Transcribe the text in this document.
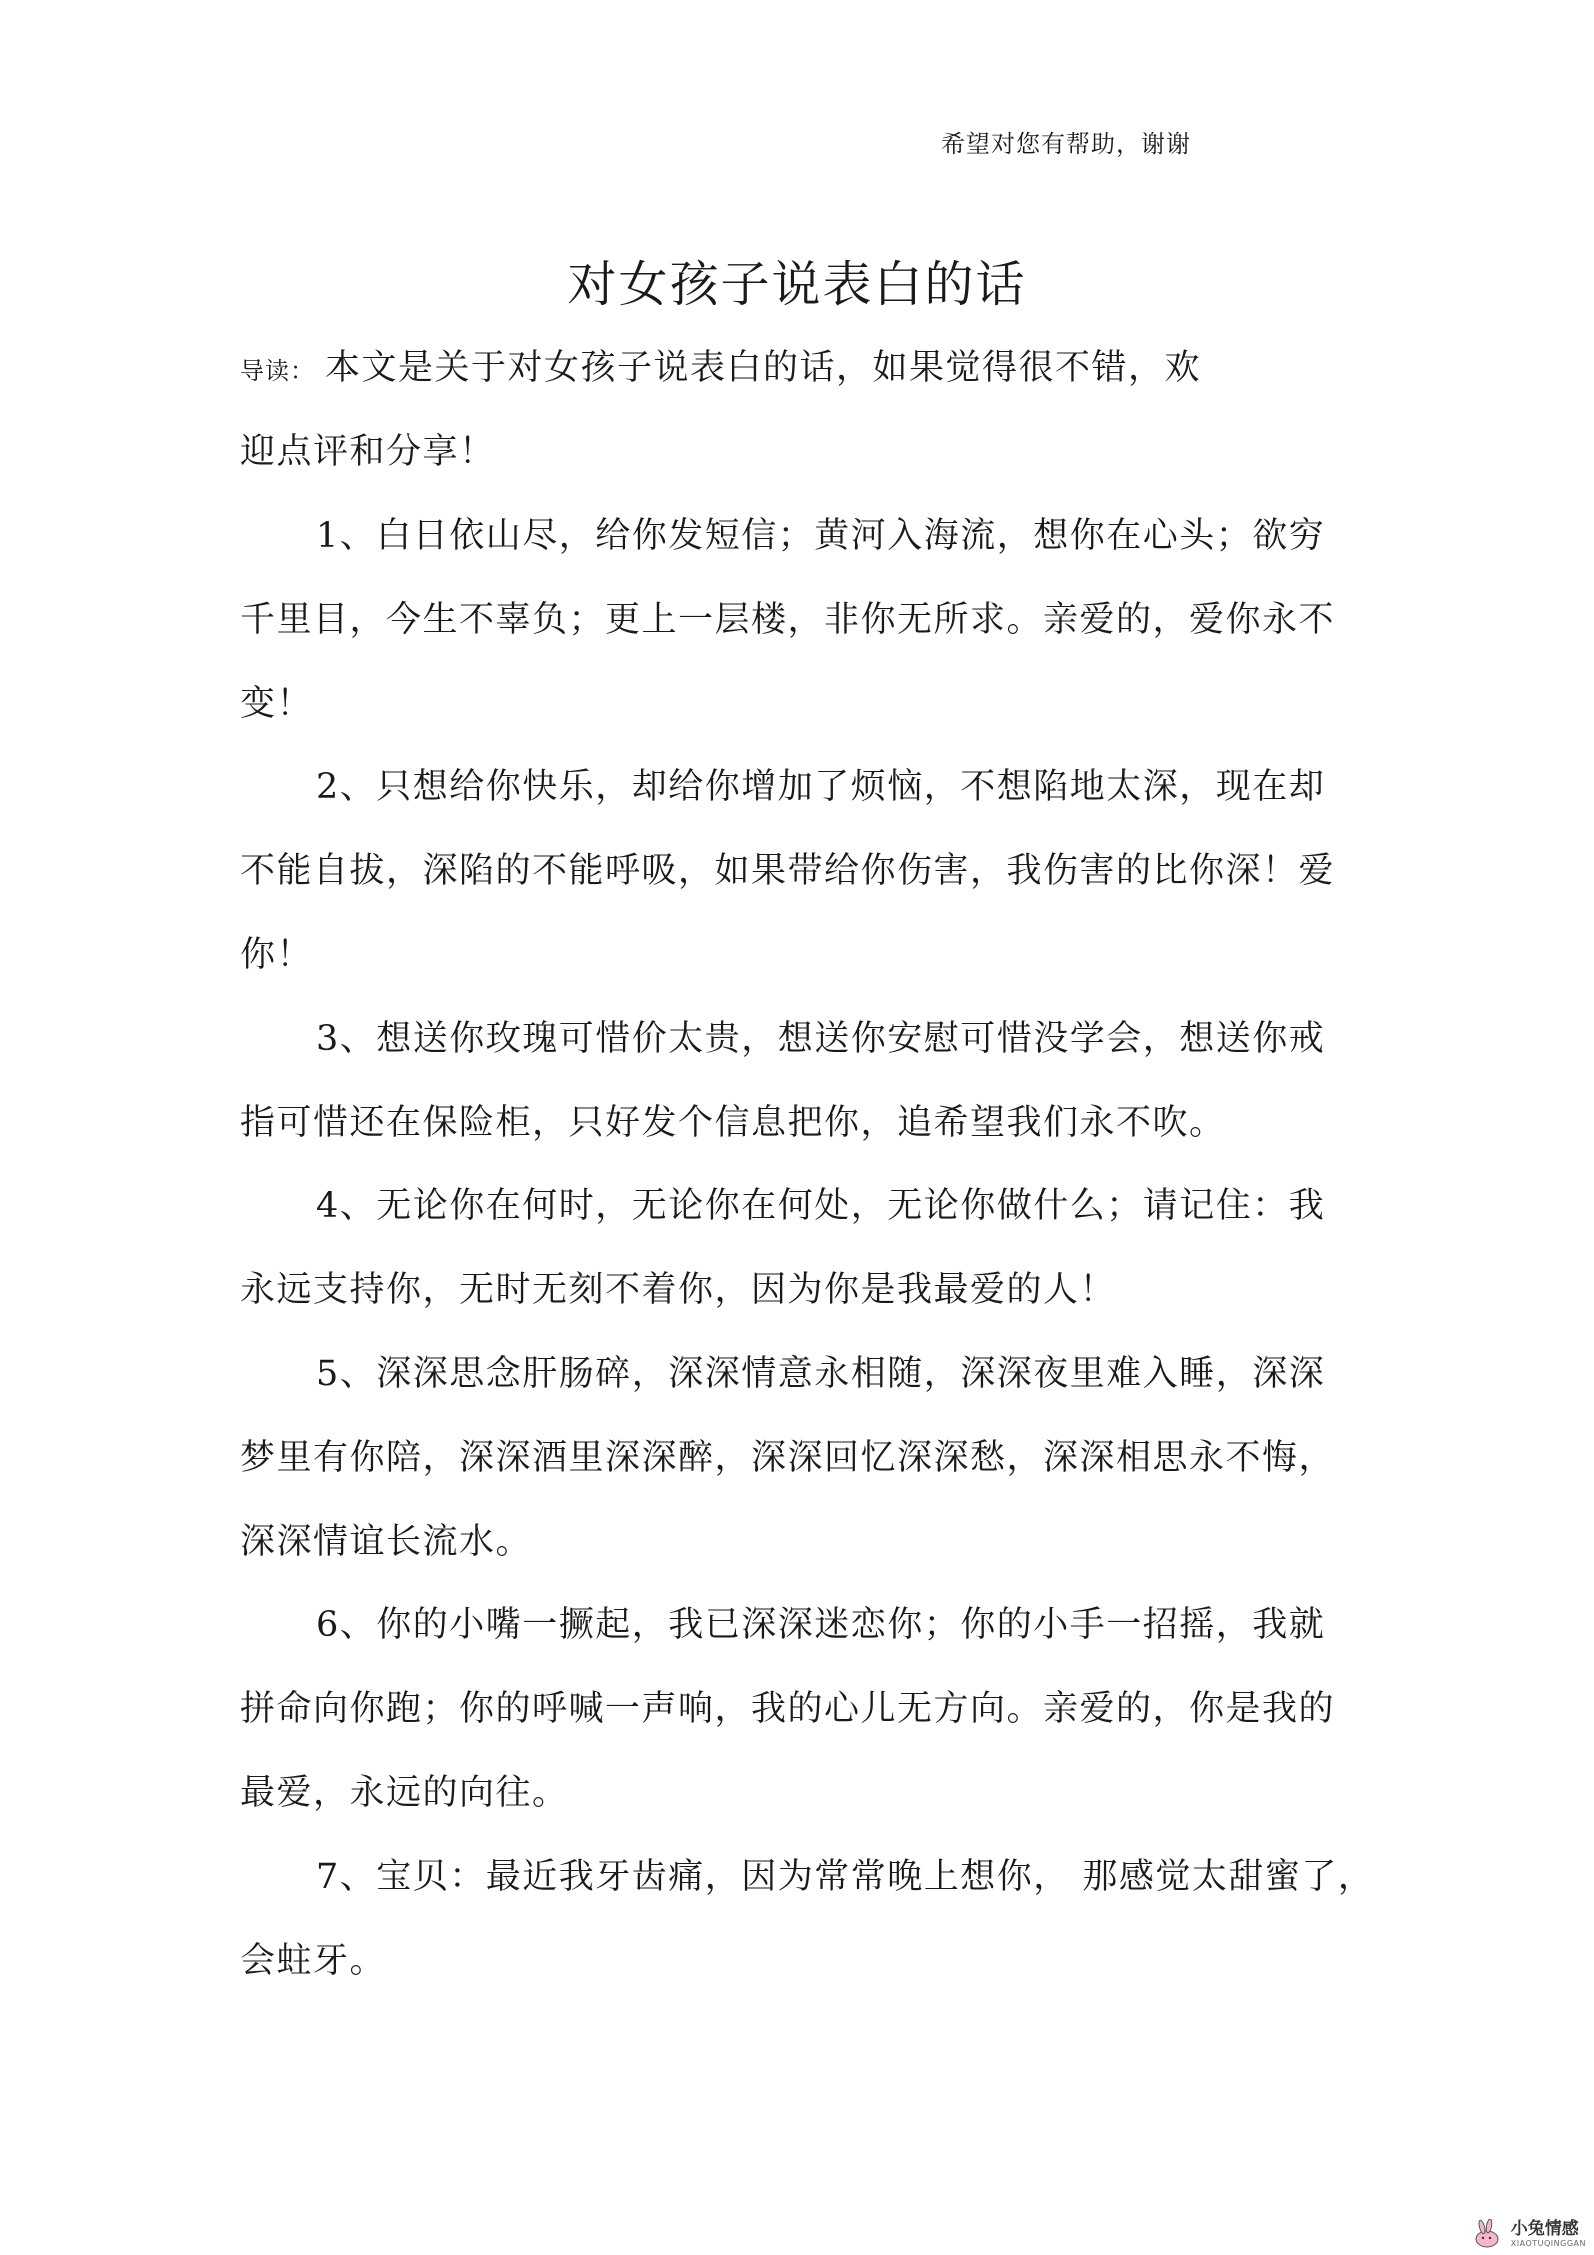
希望对您有帮助，谢谢
对女孩子说表白的话
导读： 本文是关于对女孩子说表白的话，如果觉得很不错，欢
迎点评和分享！
1、白日依山尽，给你发短信；黄河入海流，想你在心头；欲穷
千里目，今生不辜负；更上一层楼，非你无所求。亲爱的，爱你永不
变！
2、只想给你快乐，却给你增加了烦恼，不想陷地太深，现在却
不能自拔，深陷的不能呼吸，如果带给你伤害，我伤害的比你深！爱
你！
3、想送你玫瑰可惜价太贵，想送你安慰可惜没学会，想送你戒
指可惜还在保险柜，只好发个信息把你，追希望我们永不吹。
4、无论你在何时，无论你在何处，无论你做什么；请记住：我
永远支持你，无时无刻不着你，因为你是我最爱的人！
5、深深思念肝肠碎，深深情意永相随，深深夜里难入睡，深深
梦里有你陪，深深酒里深深醉，深深回忆深深愁，深深相思永不悔，
深深情谊长流水。
6、你的小嘴一撅起，我已深深迷恋你；你的小手一招摇，我就
拼命向你跑；你的呼喊一声响，我的心儿无方向。亲爱的，你是我的
最爱，永远的向往。
7、宝贝：最近我牙齿痛，因为常常晚上想你， 那感觉太甜蜜了，
会蛀牙。
小兔情感
XIAOTUQINGGAN
